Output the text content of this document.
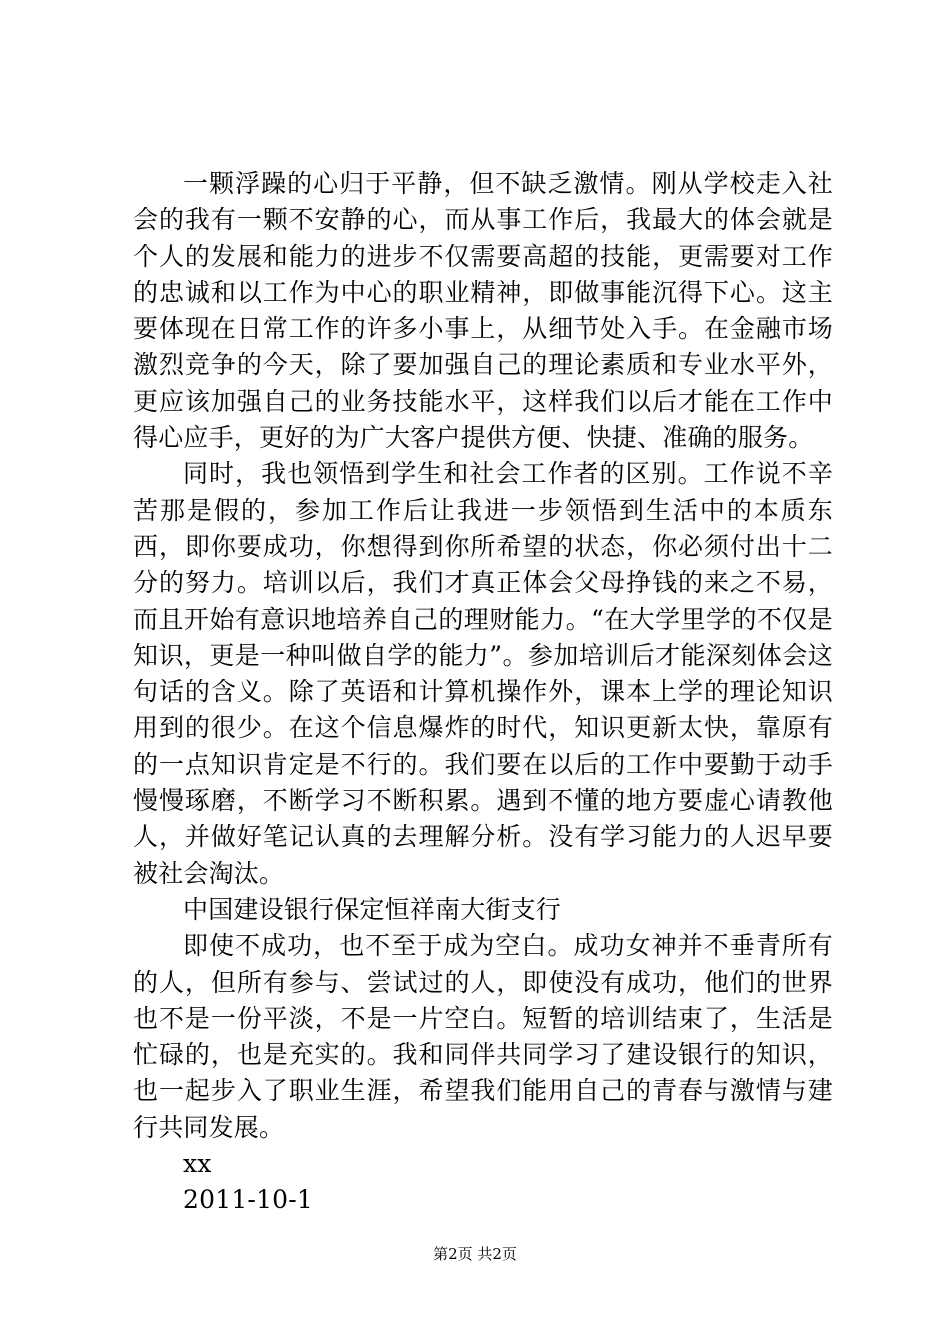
一颗浮躁的心归于平静，但不缺乏激情。刚从学校走入社会的我有一颗不安静的心，而从事工作后，我最大的体会就是个人的发展和能力的进步不仅需要高超的技能，更需要对工作的忠诚和以工作为中心的职业精神，即做事能沉得下心。这主要体现在日常工作的许多小事上，从细节处入手。在金融市场激烈竞争的今天，除了要加强自己的理论素质和专业水平外，更应该加强自己的业务技能水平，这样我们以后才能在工作中得心应手，更好的为广大客户提供方便、快捷、准确的服务。

同时，我也领悟到学生和社会工作者的区别。工作说不辛苦那是假的，参加工作后让我进一步领悟到生活中的本质东西，即你要成功，你想得到你所希望的状态，你必须付出十二分的努力。培训以后，我们才真正体会父母挣钱的来之不易，而且开始有意识地培养自己的理财能力。“在大学里学的不仅是知识，更是一种叫做自学的能力”。参加培训后才能深刻体会这句话的含义。除了英语和计算机操作外，课本上学的理论知识用到的很少。在这个信息爆炸的时代，知识更新太快，靠原有的一点知识肯定是不行的。我们要在以后的工作中要勤于动手慢慢琢磨，不断学习不断积累。遇到不懂的地方要虚心请教他人，并做好笔记认真的去理解分析。没有学习能力的人迟早要被社会淘汰。

中国建设银行保定恒祥南大街支行

即使不成功，也不至于成为空白。成功女神并不垂青所有的人，但所有参与、尝试过的人，即使没有成功，他们的世界也不是一份平淡，不是一片空白。短暂的培训结束了，生活是忙碌的，也是充实的。我和同伴共同学习了建设银行的知识，也一起步入了职业生涯，希望我们能用自己的青春与激情与建行共同发展。

xx

2011-10-1

第2页 共2页
